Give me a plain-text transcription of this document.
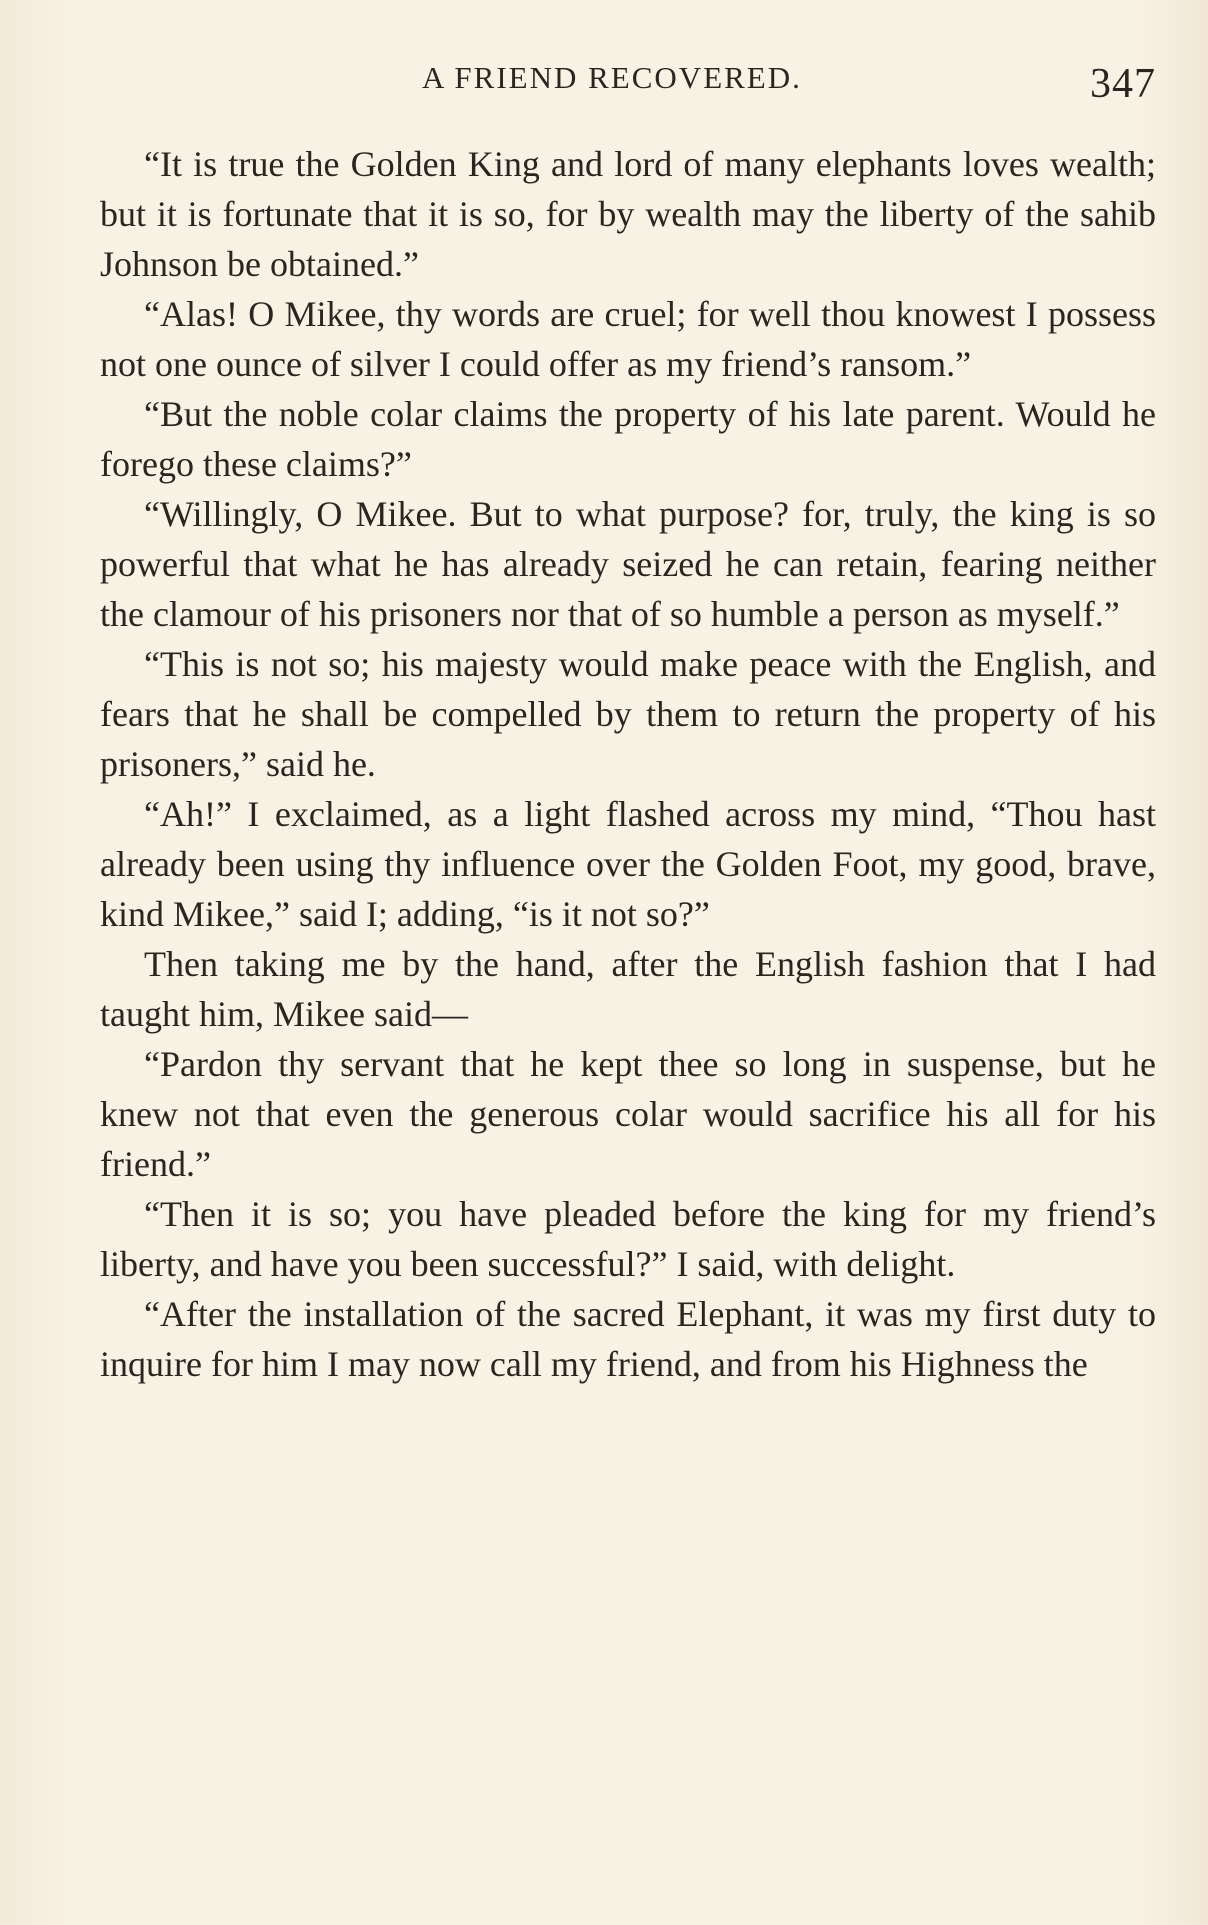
A FRIEND RECOVERED.	347

“It is true the Golden King and lord of many elephants loves wealth; but it is fortunate that it is so, for by wealth may the liberty of the sahib Johnson be obtained.”

“Alas! O Mikee, thy words are cruel; for well thou knowest I possess not one ounce of silver I could offer as my friend’s ransom.”

“But the noble colar claims the property of his late parent. Would he forego these claims?”

“Willingly, O Mikee. But to what purpose? for, truly, the king is so powerful that what he has already seized he can retain, fearing neither the clamour of his prisoners nor that of so humble a person as myself.”

“This is not so; his majesty would make peace with the English, and fears that he shall be compelled by them to return the property of his prisoners,” said he.

“Ah!” I exclaimed, as a light flashed across my mind, “Thou hast already been using thy influence over the Golden Foot, my good, brave, kind Mikee,” said I; adding, “is it not so?”

Then taking me by the hand, after the English fashion that I had taught him, Mikee said—

“Pardon thy servant that he kept thee so long in suspense, but he knew not that even the generous colar would sacrifice his all for his friend.”

“Then it is so; you have pleaded before the king for my friend’s liberty, and have you been successful?” I said, with delight.

“After the installation of the sacred Elephant, it was my first duty to inquire for him I may now call my friend, and from his Highness the
